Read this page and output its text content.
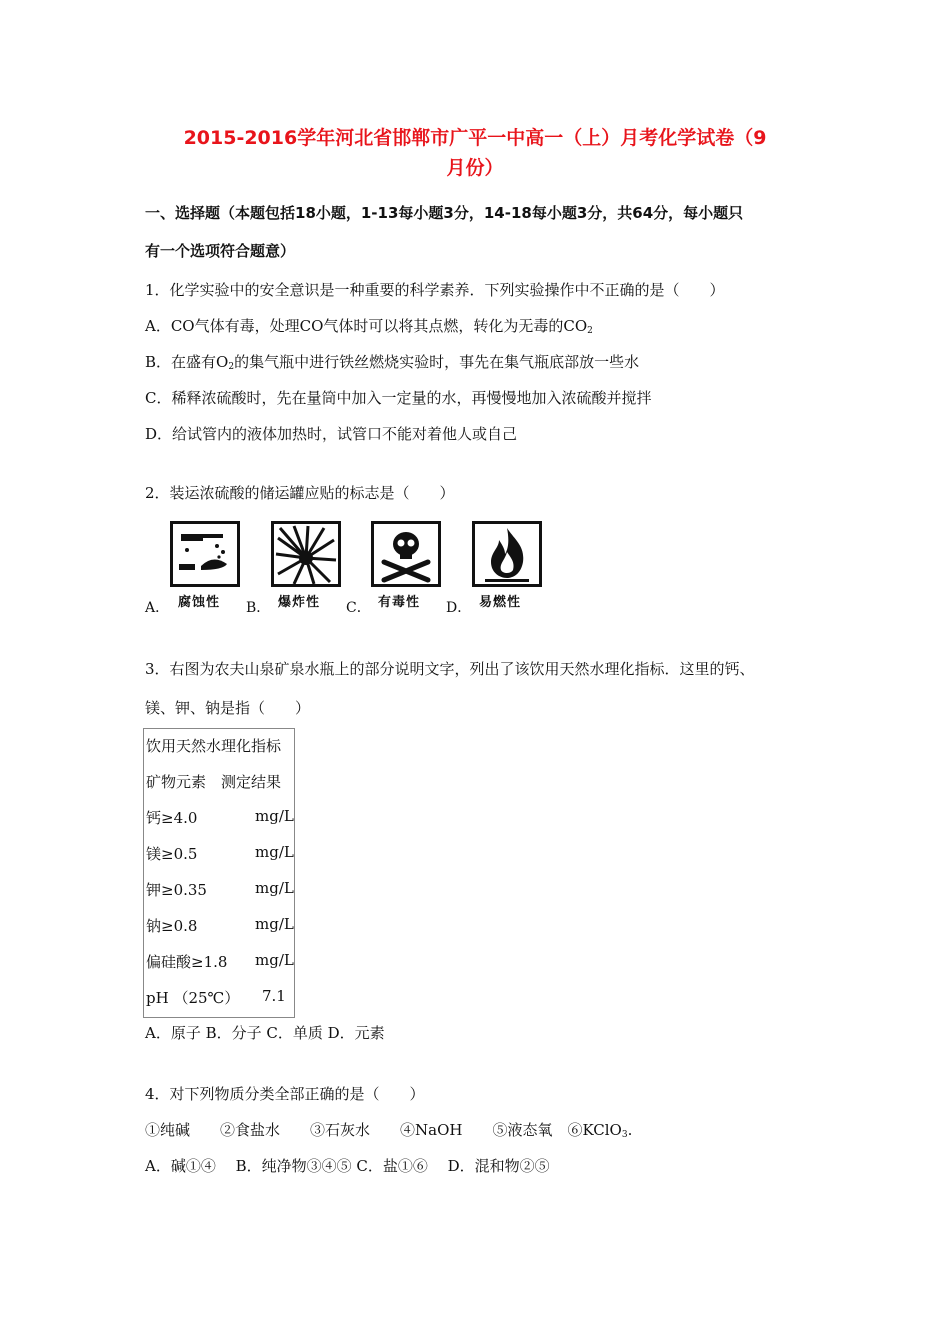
2015-2016学年河北省邯郸市广平一中高一（上）月考化学试卷（9
月份）
一、选择题（本题包括18小题，1-13每小题3分，14-18每小题3分，共64分，每小题只
有一个选项符合题意）
1．化学实验中的安全意识是一种重要的科学素养．下列实验操作中不正确的是（　　）
A．CO气体有毒，处理CO气体时可以将其点燃，转化为无毒的$CO_2$
B．在盛有$O_2$的集气瓶中进行铁丝燃烧实验时，事先在集气瓶底部放一些水
C．稀释浓硫酸时，先在量筒中加入一定量的水，再慢慢地加入浓硫酸并搅拌
D．给试管内的液体加热时，试管口不能对着他人或自己
2．装运浓硫酸的储运罐应贴的标志是（　　）
A． 腐蚀性 B． 爆炸性 C． 有毒性 D． 易燃性
3．右图为农夫山泉矿泉水瓶上的部分说明文字，列出了该饮用天然水理化指标．这里的钙、
镁、钾、钠是指（　　）
饮用天然水理化指标
矿物元素　测定结果
钙≥4.0	mg/L
镁≥0.5	mg/L
钾≥0.35	mg/L
钠≥0.8	mg/L
偏硅酸≥1.8 mg/L
pH （25℃） 7.1
A．原子 B．分子 C．单质 D．元素
4．对下列物质分类全部正确的是（　　）
①纯碱　　②食盐水　　③石灰水　　④NaOH　　⑤液态氧　⑥KClO$_3$.
A．碱①④　 B．纯净物③④⑤ C．盐①⑥　 D．混和物②⑤
